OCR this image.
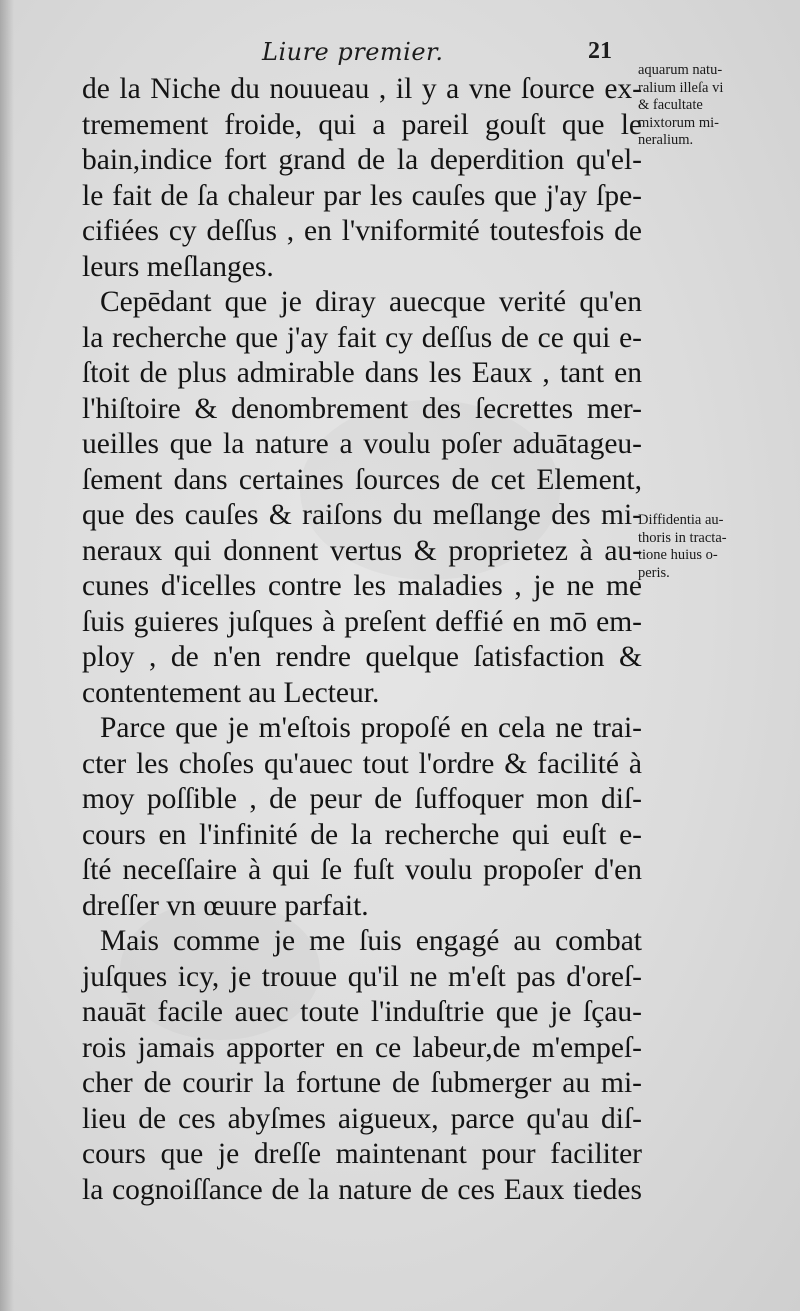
Liure premier.	21
de la Niche du nouueau , il y a vne ſource ex-
tremement froide, qui a pareil gouſt que le
bain,indice fort grand de la deperdition qu'el-
le fait de ſa chaleur par les cauſes que j'ay ſpe-
cifiées cy deſſus , en l'vniformité toutesfois de
leurs meſlanges.
Cepēdant que je diray auecque verité qu'en
la recherche que j'ay fait cy deſſus de ce qui e-
ſtoit de plus admirable dans les Eaux , tant en
l'hiſtoire & denombrement des ſecrettes mer-
ueilles que la nature a voulu poſer aduātageu-
ſement dans certaines ſources de cet Element,
que des cauſes & raiſons du meſlange des mi-
neraux qui donnent vertus & proprietez à au-
cunes d'icelles contre les maladies , je ne me
ſuis guieres juſques à preſent deffié en mō em-
ploy , de n'en rendre quelque ſatisfaction &
contentement au Lecteur.
Parce que je m'eſtois propoſé en cela ne trai-
cter les choſes qu'auec tout l'ordre & facilité à
moy poſſible , de peur de ſuffoquer mon diſ-
cours en l'infinité de la recherche qui euſt e-
ſté neceſſaire à qui ſe fuſt voulu propoſer d'en
dreſſer vn œuure parfait.
Mais comme je me ſuis engagé au combat
juſques icy, je trouue qu'il ne m'eſt pas d'oreſ-
nauāt facile auec toute l'induſtrie que je ſçau-
rois jamais apporter en ce labeur,de m'empeſ-
cher de courir la fortune de ſubmerger au mi-
lieu de ces abyſmes aigueux, parce qu'au diſ-
cours que je dreſſe maintenant pour faciliter
la cognoiſſance de la nature de ces Eaux tiedes
aquarum natu-
ralium illeſa vi
& facultate
mixtorum mi-
neralium.
Diffidentia au-
thoris in tracta-
tione huius o-
peris.
